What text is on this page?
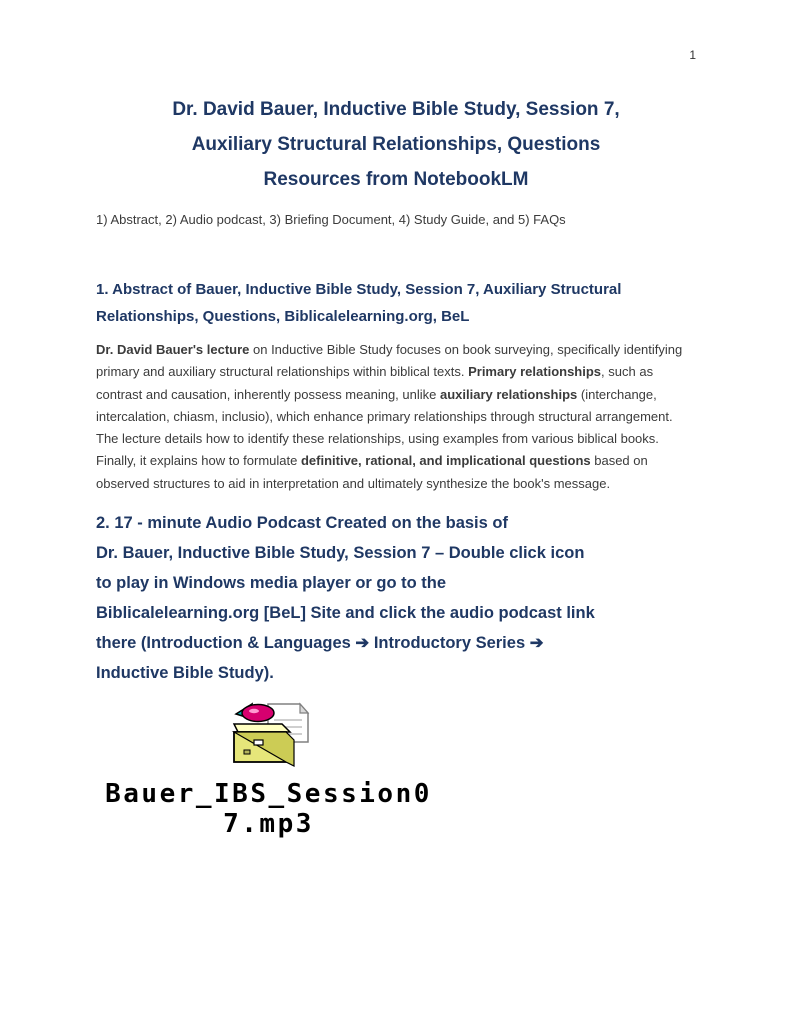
1
Dr. David Bauer, Inductive Bible Study, Session 7,
Auxiliary Structural Relationships, Questions
Resources from NotebookLM
1) Abstract, 2) Audio podcast, 3) Briefing Document, 4) Study Guide, and 5) FAQs
1. Abstract of Bauer, Inductive Bible Study, Session 7, Auxiliary Structural Relationships, Questions, Biblicalelearning.org, BeL

Dr. David Bauer's lecture on Inductive Bible Study focuses on book surveying, specifically identifying primary and auxiliary structural relationships within biblical texts. Primary relationships, such as contrast and causation, inherently possess meaning, unlike auxiliary relationships (interchange, intercalation, chiasm, inclusio), which enhance primary relationships through structural arrangement. The lecture details how to identify these relationships, using examples from various biblical books. Finally, it explains how to formulate definitive, rational, and implicational questions based on observed structures to aid in interpretation and ultimately synthesize the book's message.

2. 17 - minute Audio Podcast Created on the basis of
Dr. Bauer, Inductive Bible Study, Session 7 – Double click icon
to play in Windows media player or go to the
Biblicalelearning.org [BeL] Site and click the audio podcast link
there (Introduction & Languages ➔ Introductory Series ➔
Inductive Bible Study).
Bauer_IBS_Session0
7.mp3
